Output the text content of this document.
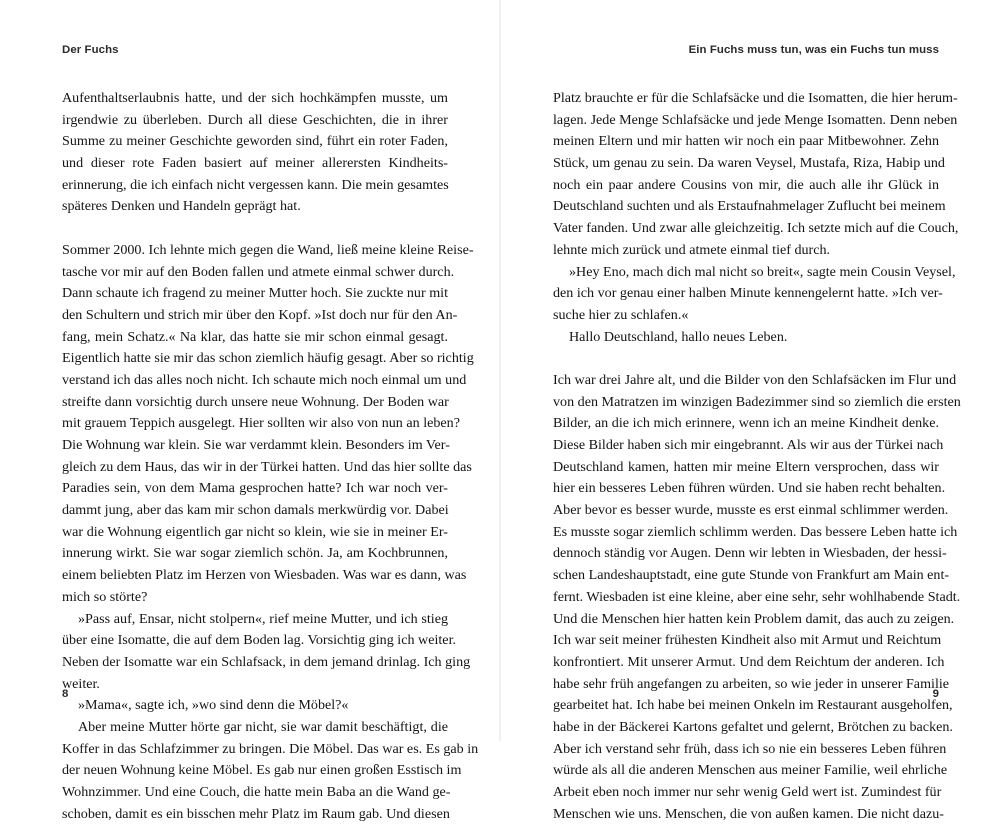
Der Fuchs
Aufenthaltserlaubnis hatte, und der sich hochkämpfen musste, um
irgendwie zu überleben. Durch all diese Geschichten, die in ihrer
Summe zu meiner Geschichte geworden sind, führt ein roter Faden,
und dieser rote Faden basiert auf meiner allerersten Kindheits-
erinnerung, die ich einfach nicht vergessen kann. Die mein gesamtes
späteres Denken und Handeln geprägt hat.
Sommer 2000. Ich lehnte mich gegen die Wand, ließ meine kleine Reise-
tasche vor mir auf den Boden fallen und atmete einmal schwer durch.
Dann schaute ich fragend zu meiner Mutter hoch. Sie zuckte nur mit
den Schultern und strich mir über den Kopf. »Ist doch nur für den An-
fang, mein Schatz.« Na klar, das hatte sie mir schon einmal gesagt.
Eigentlich hatte sie mir das schon ziemlich häufig gesagt. Aber so richtig
verstand ich das alles noch nicht. Ich schaute mich noch einmal um und
streifte dann vorsichtig durch unsere neue Wohnung. Der Boden war
mit grauem Teppich ausgelegt. Hier sollten wir also von nun an leben?
Die Wohnung war klein. Sie war verdammt klein. Besonders im Ver-
gleich zu dem Haus, das wir in der Türkei hatten. Und das hier sollte das
Paradies sein, von dem Mama gesprochen hatte? Ich war noch ver-
dammt jung, aber das kam mir schon damals merkwürdig vor. Dabei
war die Wohnung eigentlich gar nicht so klein, wie sie in meiner Er-
innerung wirkt. Sie war sogar ziemlich schön. Ja, am Kochbrunnen,
einem beliebten Platz im Herzen von Wiesbaden. Was war es dann, was
mich so störte?
»Pass auf, Ensar, nicht stolpern«, rief meine Mutter, und ich stieg
über eine Isomatte, die auf dem Boden lag. Vorsichtig ging ich weiter.
Neben der Isomatte war ein Schlafsack, in dem jemand drinlag. Ich ging
weiter.
»Mama«, sagte ich, »wo sind denn die Möbel?«
Aber meine Mutter hörte gar nicht, sie war damit beschäftigt, die
Koffer in das Schlafzimmer zu bringen. Die Möbel. Das war es. Es gab in
der neuen Wohnung keine Möbel. Es gab nur einen großen Esstisch im
Wohnzimmer. Und eine Couch, die hatte mein Baba an die Wand ge-
schoben, damit es ein bisschen mehr Platz im Raum gab. Und diesen
8
Ein Fuchs muss tun, was ein Fuchs tun muss
Platz brauchte er für die Schlafsäcke und die Isomatten, die hier herum-
lagen. Jede Menge Schlafsäcke und jede Menge Isomatten. Denn neben
meinen Eltern und mir hatten wir noch ein paar Mitbewohner. Zehn
Stück, um genau zu sein. Da waren Veysel, Mustafa, Riza, Habip und
noch ein paar andere Cousins von mir, die auch alle ihr Glück in
Deutschland suchten und als Erstaufnahmelager Zuflucht bei meinem
Vater fanden. Und zwar alle gleichzeitig. Ich setzte mich auf die Couch,
lehnte mich zurück und atmete einmal tief durch.
»Hey Eno, mach dich mal nicht so breit«, sagte mein Cousin Veysel,
den ich vor genau einer halben Minute kennengelernt hatte. »Ich ver-
suche hier zu schlafen.«
Hallo Deutschland, hallo neues Leben.
Ich war drei Jahre alt, und die Bilder von den Schlafsäcken im Flur und
von den Matratzen im winzigen Badezimmer sind so ziemlich die ersten
Bilder, an die ich mich erinnere, wenn ich an meine Kindheit denke.
Diese Bilder haben sich mir eingebrannt. Als wir aus der Türkei nach
Deutschland kamen, hatten mir meine Eltern versprochen, dass wir
hier ein besseres Leben führen würden. Und sie haben recht behalten.
Aber bevor es besser wurde, musste es erst einmal schlimmer werden.
Es musste sogar ziemlich schlimm werden. Das bessere Leben hatte ich
dennoch ständig vor Augen. Denn wir lebten in Wiesbaden, der hessi-
schen Landeshauptstadt, eine gute Stunde von Frankfurt am Main ent-
fernt. Wiesbaden ist eine kleine, aber eine sehr, sehr wohlhabende Stadt.
Und die Menschen hier hatten kein Problem damit, das auch zu zeigen.
Ich war seit meiner frühesten Kindheit also mit Armut und Reichtum
konfrontiert. Mit unserer Armut. Und dem Reichtum der anderen. Ich
habe sehr früh angefangen zu arbeiten, so wie jeder in unserer Familie
gearbeitet hat. Ich habe bei meinen Onkeln im Restaurant ausgeholfen,
habe in der Bäckerei Kartons gefaltet und gelernt, Brötchen zu backen.
Aber ich verstand sehr früh, dass ich so nie ein besseres Leben führen
würde als all die anderen Menschen aus meiner Familie, weil ehrliche
Arbeit eben noch immer nur sehr wenig Geld wert ist. Zumindest für
Menschen wie uns. Menschen, die von außen kamen. Die nicht dazu-
9
